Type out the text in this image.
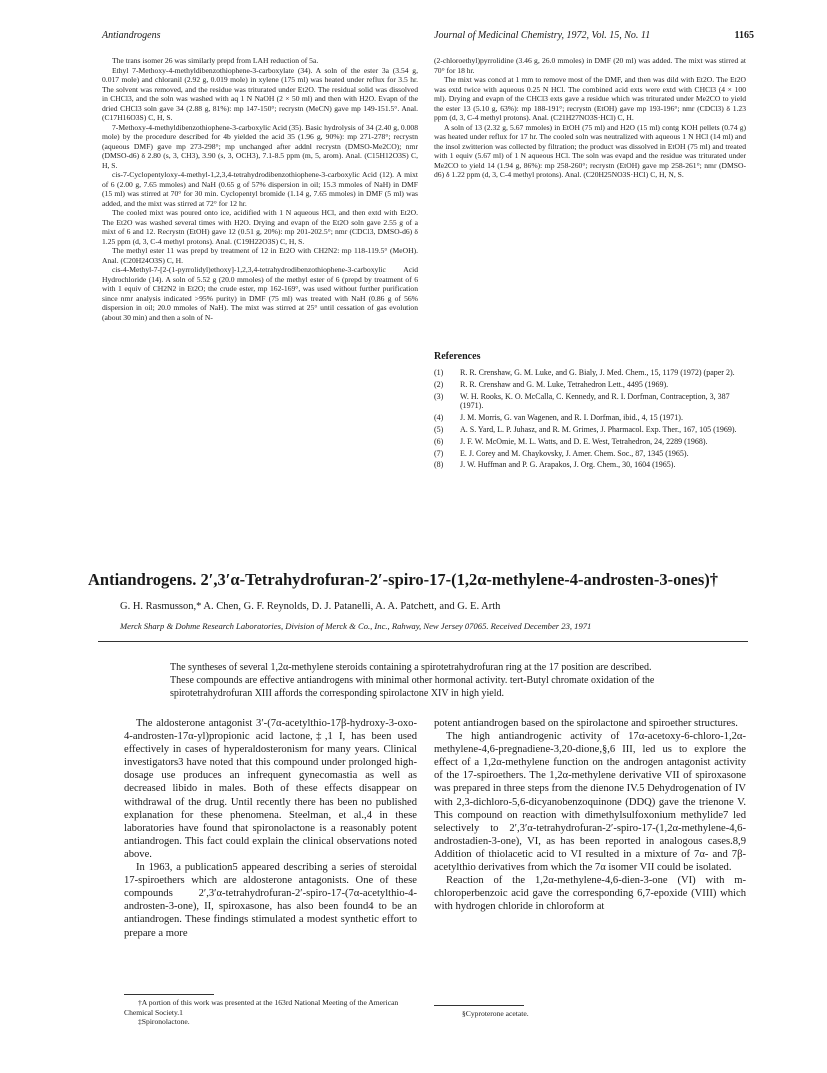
Antiandrogens	Journal of Medicinal Chemistry, 1972, Vol. 15, No. 11	1165

The trans isomer 26 was similarly prepd from LAH reduction of 5a.

Ethyl 7-Methoxy-4-methyldibenzothiophene-3-carboxylate (34). A soln of the ester 3a (3.54 g, 0.017 mole) and chloranil (2.92 g, 0.019 mole) in xylene (175 ml) was heated under reflux for 3.5 hr. The solvent was removed, and the residue was triturated under Et2O. The residual solid was dissolved in CHCl3, and the soln was washed with aq 1 N NaOH (2 × 50 ml) and then with H2O. Evapn of the dried CHCl3 soln gave 34 (2.88 g, 81%): mp 147-150°; recrystn (MeCN) gave mp 149-151.5°. Anal. (C17H16O3S) C, H, S.

7-Methoxy-4-methyldibenzothiophene-3-carboxylic Acid (35). Basic hydrolysis of 34 (2.40 g, 0.008 mole) by the procedure described for 4b yielded the acid 35 (1.96 g, 90%): mp 271-278°; recrystn (aqueous DMF) gave mp 273-298°; mp unchanged after addnl recrystn (DMSO-Me2CO); nmr (DMSO-d6) δ 2.80 (s, 3, CH3), 3.90 (s, 3, OCH3), 7.1-8.5 ppm (m, 5, arom). Anal. (C15H12O3S) C, H, S.

cis-7-Cyclopentyloxy-4-methyl-1,2,3,4-tetrahydrodibenzothiophene-3-carboxylic Acid (12). A mixt of 6 (2.00 g, 7.65 mmoles) and NaH (0.65 g of 57% dispersion in oil; 15.3 mmoles of NaH) in DMF (15 ml) was stirred at 70° for 30 min. Cyclopentyl bromide (1.14 g, 7.65 mmoles) in DMF (5 ml) was added, and the mixt was stirred at 72° for 12 hr.

The cooled mixt was poured onto ice, acidified with 1 N aqueous HCl, and then extd with Et2O. The Et2O was washed several times with H2O. Drying and evapn of the Et2O soln gave 2.55 g of a mixt of 6 and 12. Recrystn (EtOH) gave 12 (0.51 g, 20%): mp 201-202.5°; nmr (CDCl3, DMSO-d6) δ 1.25 ppm (d, 3, C-4 methyl protons). Anal. (C19H22O3S) C, H, S.

The methyl ester 11 was prepd by treatment of 12 in Et2O with CH2N2: mp 118-119.5° (MeOH). Anal. (C20H24O3S) C, H.

cis-4-Methyl-7-[2-(1-pyrrolidyl)ethoxy]-1,2,3,4-tetrahydrodibenzothiophene-3-carboxylic Acid Hydrochloride (14). A soln of 5.52 g (20.0 mmoles) of the methyl ester of 6 (prepd by treatment of 6 with 1 equiv of CH2N2 in Et2O; the crude ester, mp 162-169°, was used without further purification since nmr analysis indicated >95% purity) in DMF (75 ml) was treated with NaH (0.86 g of 56% dispersion in oil; 20.0 mmoles of NaH). The mixt was stirred at 25° until cessation of gas evolution (about 30 min) and then a soln of N-

(2-chloroethyl)pyrrolidine (3.46 g, 26.0 mmoles) in DMF (20 ml) was added. The mixt was stirred at 70° for 18 hr.

The mixt was concd at 1 mm to remove most of the DMF, and then was dild with Et2O. The Et2O was extd twice with aqueous 0.25 N HCl. The combined acid exts were extd with CHCl3 (4 × 100 ml). Drying and evapn of the CHCl3 exts gave a residue which was triturated under Me2CO to yield the ester 13 (5.10 g, 63%): mp 188-191°; recrystn (EtOH) gave mp 193-196°; nmr (CDCl3) δ 1.23 ppm (d, 3, C-4 methyl protons). Anal. (C21H27NO3S·HCl) C, H.

A soln of 13 (2.32 g, 5.67 mmoles) in EtOH (75 ml) and H2O (15 ml) contg KOH pellets (0.74 g) was heated under reflux for 17 hr. The cooled soln was neutralized with aqueous 1 N HCl (14 ml) and the insol zwitterion was collected by filtration; the product was dissolved in EtOH (75 ml) and treated with 1 equiv (5.67 ml) of 1 N aqueous HCl. The soln was evapd and the residue was triturated under Me2CO to yield 14 (1.94 g, 86%): mp 258-260°; recrystn (EtOH) gave mp 258-261°; nmr (DMSO-d6) δ 1.22 ppm (d, 3, C-4 methyl protons). Anal. (C20H25NO3S·HCl) C, H, N, S.

References
(1) R. R. Crenshaw, G. M. Luke, and G. Bialy, J. Med. Chem., 15, 1179 (1972) (paper 2).
(2) R. R. Crenshaw and G. M. Luke, Tetrahedron Lett., 4495 (1969).
(3) W. H. Rooks, K. O. McCalla, C. Kennedy, and R. I. Dorfman, Contraception, 3, 387 (1971).
(4) J. M. Morris, G. van Wagenen, and R. I. Dorfman, ibid., 4, 15 (1971).
(5) A. S. Yard, L. P. Juhasz, and R. M. Grimes, J. Pharmacol. Exp. Ther., 167, 105 (1969).
(6) J. F. W. McOmie, M. L. Watts, and D. E. West, Tetrahedron, 24, 2289 (1968).
(7) E. J. Corey and M. Chaykovsky, J. Amer. Chem. Soc., 87, 1345 (1965).
(8) J. W. Huffman and P. G. Arapakos, J. Org. Chem., 30, 1604 (1965).
Antiandrogens. 2′,3′α-Tetrahydrofuran-2′-spiro-17-(1,2α-methylene-4-androsten-3-ones)†
G. H. Rasmusson,* A. Chen, G. F. Reynolds, D. J. Patanelli, A. A. Patchett, and G. E. Arth
Merck Sharp & Dohme Research Laboratories, Division of Merck & Co., Inc., Rahway, New Jersey 07065. Received December 23, 1971
The syntheses of several 1,2α-methylene steroids containing a spirotetrahydrofuran ring at the 17 position are described. These compounds are effective antiandrogens with minimal other hormonal activity. tert-Butyl chromate oxidation of the spirotetrahydrofuran XIII affords the corresponding spirolactone XIV in high yield.

The aldosterone antagonist 3′-(7α-acetylthio-17β-hydroxy-3-oxo-4-androsten-17α-yl)propionic acid lactone,‡,1 I, has been used effectively in cases of hyperaldosteronism for many years. Clinical investigators3 have noted that this compound under prolonged high-dosage use produces an infrequent gynecomastia as well as decreased libido in males. Both of these effects disappear on withdrawal of the drug. Until recently there has been no published explanation for these phenomena. Steelman, et al.,4 in these laboratories have found that spironolactone is a reasonably potent antiandrogen. This fact could explain the clinical observations noted above.

In 1963, a publication5 appeared describing a series of steroidal 17-spiroethers which are aldosterone antagonists. One of these compounds 2′,3′α-tetrahydrofuran-2′-spiro-17-(7α-acetylthio-4-androsten-3-one), II, spiroxasone, has also been found4 to be an antiandrogen. These findings stimulated a modest synthetic effort to prepare a more

potent antiandrogen based on the spirolactone and spiroether structures.

The high antiandrogenic activity of 17α-acetoxy-6-chloro-1,2α-methylene-4,6-pregnadiene-3,20-dione,§,6 III, led us to explore the effect of a 1,2α-methylene function on the androgen antagonist activity of the 17-spiroethers. The 1,2α-methylene derivative VII of spiroxasone was prepared in three steps from the dienone IV.5 Dehydrogenation of IV with 2,3-dichloro-5,6-dicyanobenzoquinone (DDQ) gave the trienone V. This compound on reaction with dimethylsulfoxonium methylide7 led selectively to 2′,3′α-tetrahydrofuran-2′-spiro-17-(1,2α-methylene-4,6-androstadien-3-one), VI, as has been reported in analogous cases.8,9 Addition of thiolacetic acid to VI resulted in a mixture of 7α- and 7β-acetylthio derivatives from which the 7α isomer VII could be isolated.

Reaction of the 1,2α-methylene-4,6-dien-3-one (VI) with m-chloroperbenzoic acid gave the corresponding 6,7-epoxide (VIII) which with hydrogen chloride in chloroform at

†A portion of this work was presented at the 163rd National Meeting of the American Chemical Society.1
‡Spironolactone.
§Cyproterone acetate.
